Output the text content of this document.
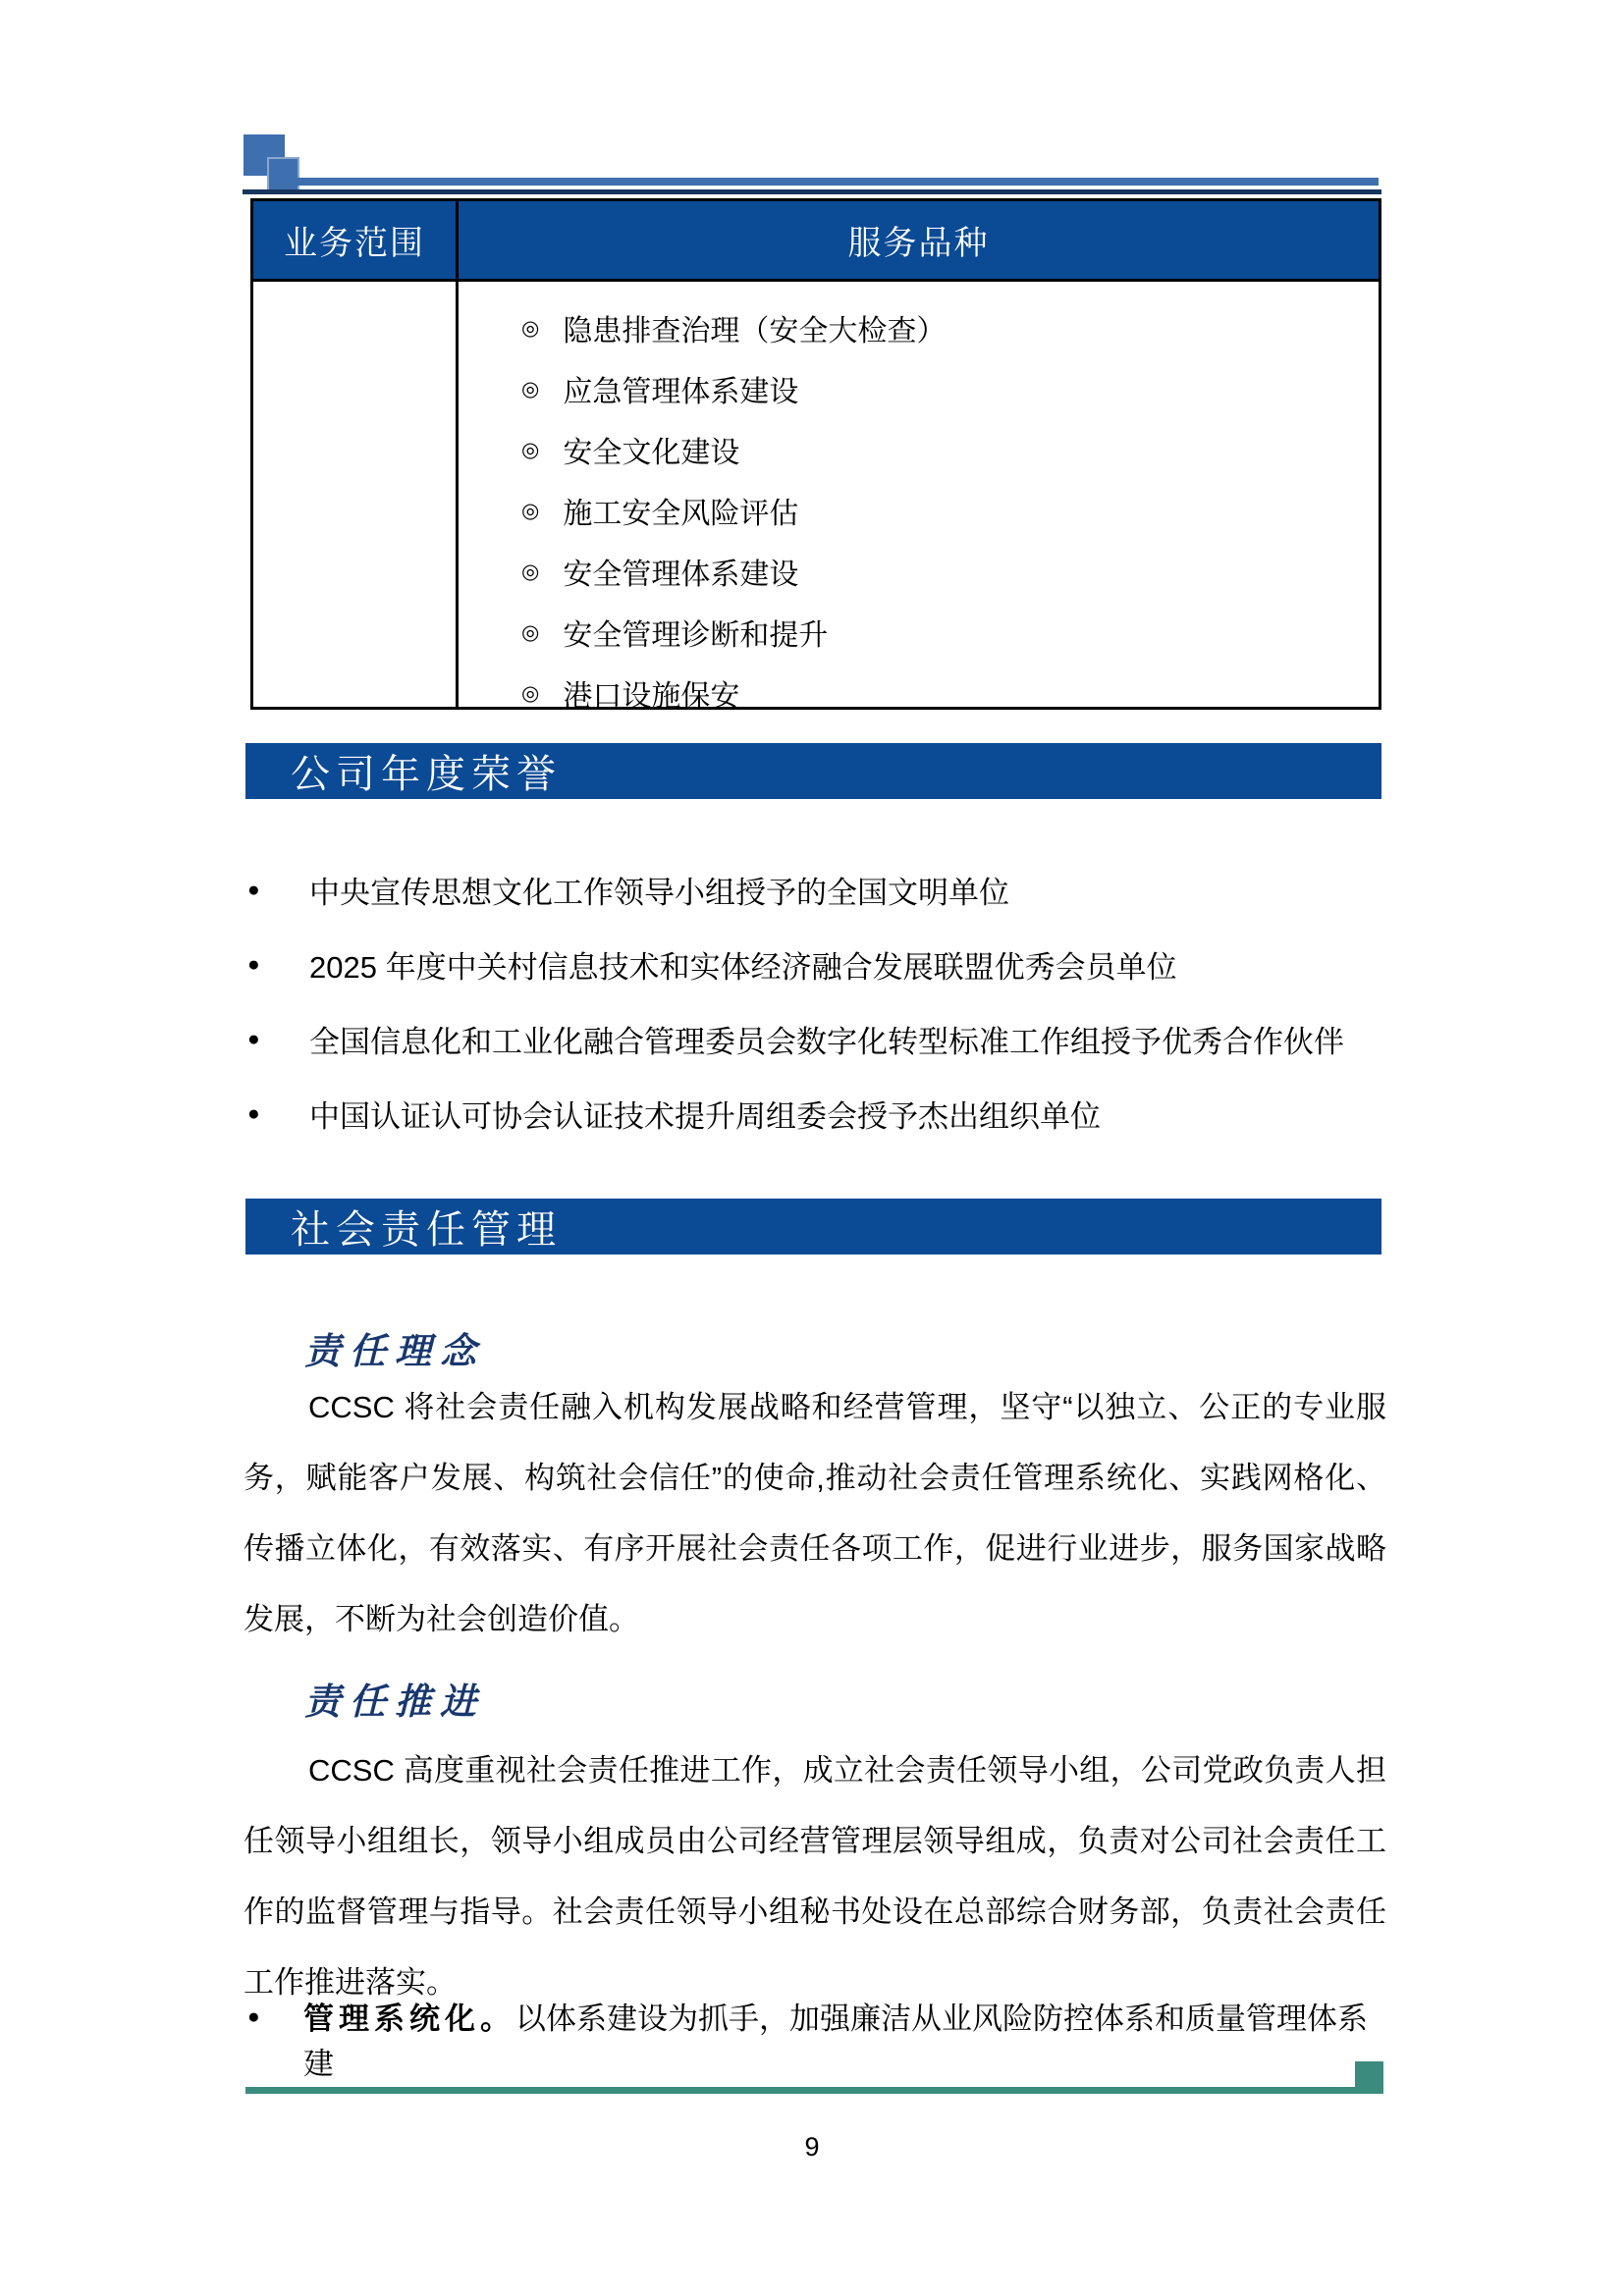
业务范围	服务品种
◎ 隐患排查治理（安全大检查）
◎ 应急管理体系建设
◎ 安全文化建设
◎ 施工安全风险评估
◎ 安全管理体系建设
◎ 安全管理诊断和提升
◎ 港口设施保安
公司年度荣誉
●	中央宣传思想文化工作领导小组授予的全国文明单位
●	2025 年度中关村信息技术和实体经济融合发展联盟优秀会员单位
●	全国信息化和工业化融合管理委员会数字化转型标准工作组授予优秀合作伙伴
●	中国认证认可协会认证技术提升周组委会授予杰出组织单位
社会责任管理
责任理念
CCSC 将社会责任融入机构发展战略和经营管理，坚守“以独立、公正的专业服务，赋能客户发展、构筑社会信任”的使命,推动社会责任管理系统化、实践网格化、传播立体化，有效落实、有序开展社会责任各项工作，促进行业进步，服务国家战略发展，不断为社会创造价值。
责任推进
CCSC 高度重视社会责任推进工作，成立社会责任领导小组，公司党政负责人担任领导小组组长，领导小组成员由公司经营管理层领导组成，负责对公司社会责任工作的监督管理与指导。社会责任领导小组秘书处设在总部综合财务部，负责社会责任工作推进落实。
●	管理系统化。以体系建设为抓手，加强廉洁从业风险防控体系和质量管理体系建
9
